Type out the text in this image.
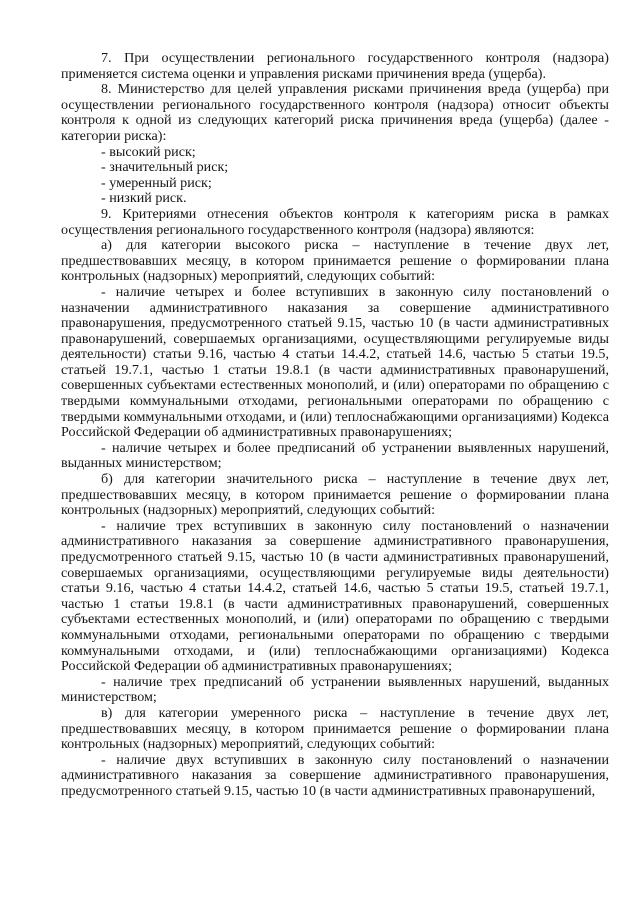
7. При осуществлении регионального государственного контроля (надзора) применяется система оценки и управления рисками причинения вреда (ущерба).

8. Министерство для целей управления рисками причинения вреда (ущерба) при осуществлении регионального государственного контроля (надзора) относит объекты контроля к одной из следующих категорий риска причинения вреда (ущерба) (далее - категории риска):

- высокий риск;

- значительный риск;

- умеренный риск;

- низкий риск.

9. Критериями отнесения объектов контроля к категориям риска в рамках осуществления регионального государственного контроля (надзора) являются:

а) для категории высокого риска – наступление в течение двух лет, предшествовавших месяцу, в котором принимается решение о формировании плана контрольных (надзорных) мероприятий, следующих событий:

- наличие четырех и более вступивших в законную силу постановлений о назначении административного наказания за совершение административного правонарушения, предусмотренного статьей 9.15, частью 10 (в части административных правонарушений, совершаемых организациями, осуществляющими регулируемые виды деятельности) статьи 9.16, частью 4 статьи 14.4.2, статьей 14.6, частью 5 статьи 19.5, статьей 19.7.1, частью 1 статьи 19.8.1 (в части административных правонарушений, совершенных субъектами естественных монополий, и (или) операторами по обращению с твердыми коммунальными отходами, региональными операторами по обращению с твердыми коммунальными отходами, и (или) теплоснабжающими организациями) Кодекса Российской Федерации об административных правонарушениях;

- наличие четырех и более предписаний об устранении выявленных нарушений, выданных министерством;

б) для категории значительного риска – наступление в течение двух лет, предшествовавших месяцу, в котором принимается решение о формировании плана контрольных (надзорных) мероприятий, следующих событий:

- наличие трех вступивших в законную силу постановлений о назначении административного наказания за совершение административного правонарушения, предусмотренного статьей 9.15, частью 10 (в части административных правонарушений, совершаемых организациями, осуществляющими регулируемые виды деятельности) статьи 9.16, частью 4 статьи 14.4.2, статьей 14.6, частью 5 статьи 19.5, статьей 19.7.1, частью 1 статьи 19.8.1 (в части административных правонарушений, совершенных субъектами естественных монополий, и (или) операторами по обращению с твердыми коммунальными отходами, региональными операторами по обращению с твердыми коммунальными отходами, и (или) теплоснабжающими организациями) Кодекса Российской Федерации об административных правонарушениях;

- наличие трех предписаний об устранении выявленных нарушений, выданных министерством;

в) для категории умеренного риска – наступление в течение двух лет, предшествовавших месяцу, в котором принимается решение о формировании плана контрольных (надзорных) мероприятий, следующих событий:

- наличие двух вступивших в законную силу постановлений о назначении административного наказания за совершение административного правонарушения, предусмотренного статьей 9.15, частью 10 (в части административных правонарушений,
